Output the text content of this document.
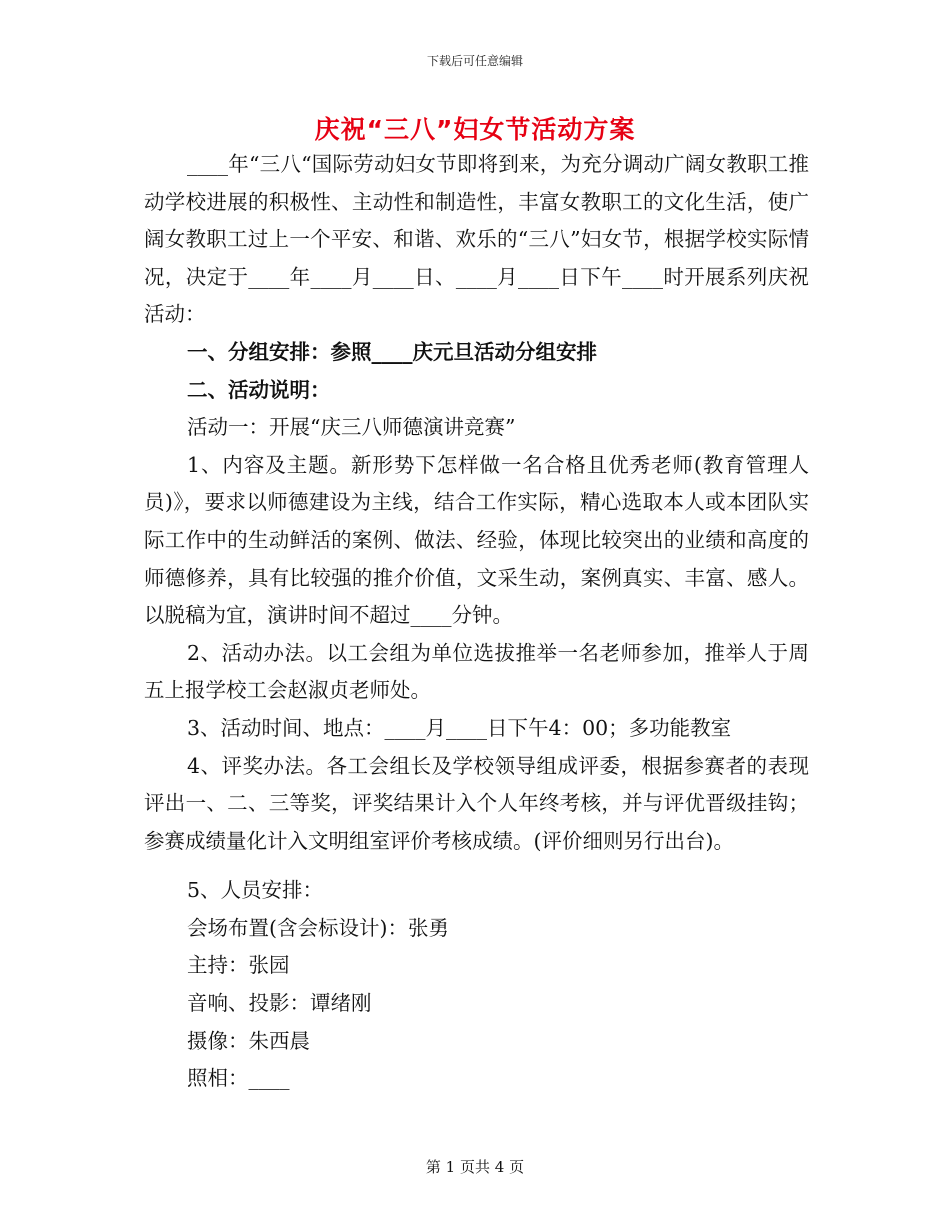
下载后可任意编辑
庆祝“三八”妇女节活动方案

____年“三八“国际劳动妇女节即将到来，为充分调动广阔女教职工推动学校进展的积极性、主动性和制造性，丰富女教职工的文化生活，使广阔女教职工过上一个平安、和谐、欢乐的“三八”妇女节，根据学校实际情况，决定于____年____月____日、____月____日下午____时开展系列庆祝活动：

一、分组安排：参照____庆元旦活动分组安排

二、活动说明：

活动一：开展“庆三八师德演讲竞赛”

1、内容及主题。新形势下怎样做一名合格且优秀老师(教育管理人员)》，要求以师德建设为主线，结合工作实际，精心选取本人或本团队实际工作中的生动鲜活的案例、做法、经验，体现比较突出的业绩和高度的师德修养，具有比较强的推介价值，文采生动，案例真实、丰富、感人。以脱稿为宜，演讲时间不超过____分钟。

2、活动办法。以工会组为单位选拔推举一名老师参加，推举人于周五上报学校工会赵淑贞老师处。

3、活动时间、地点：____月____日下午4：00；多功能教室

4、评奖办法。各工会组长及学校领导组成评委，根据参赛者的表现评出一、二、三等奖，评奖结果计入个人年终考核，并与评优晋级挂钩；参赛成绩量化计入文明组室评价考核成绩。(评价细则另行出台)。

5、人员安排：

会场布置(含会标设计)：张勇

主持：张园

音响、投影：谭绪刚

摄像：朱西晨

照相：____

第 1 页共 4 页
